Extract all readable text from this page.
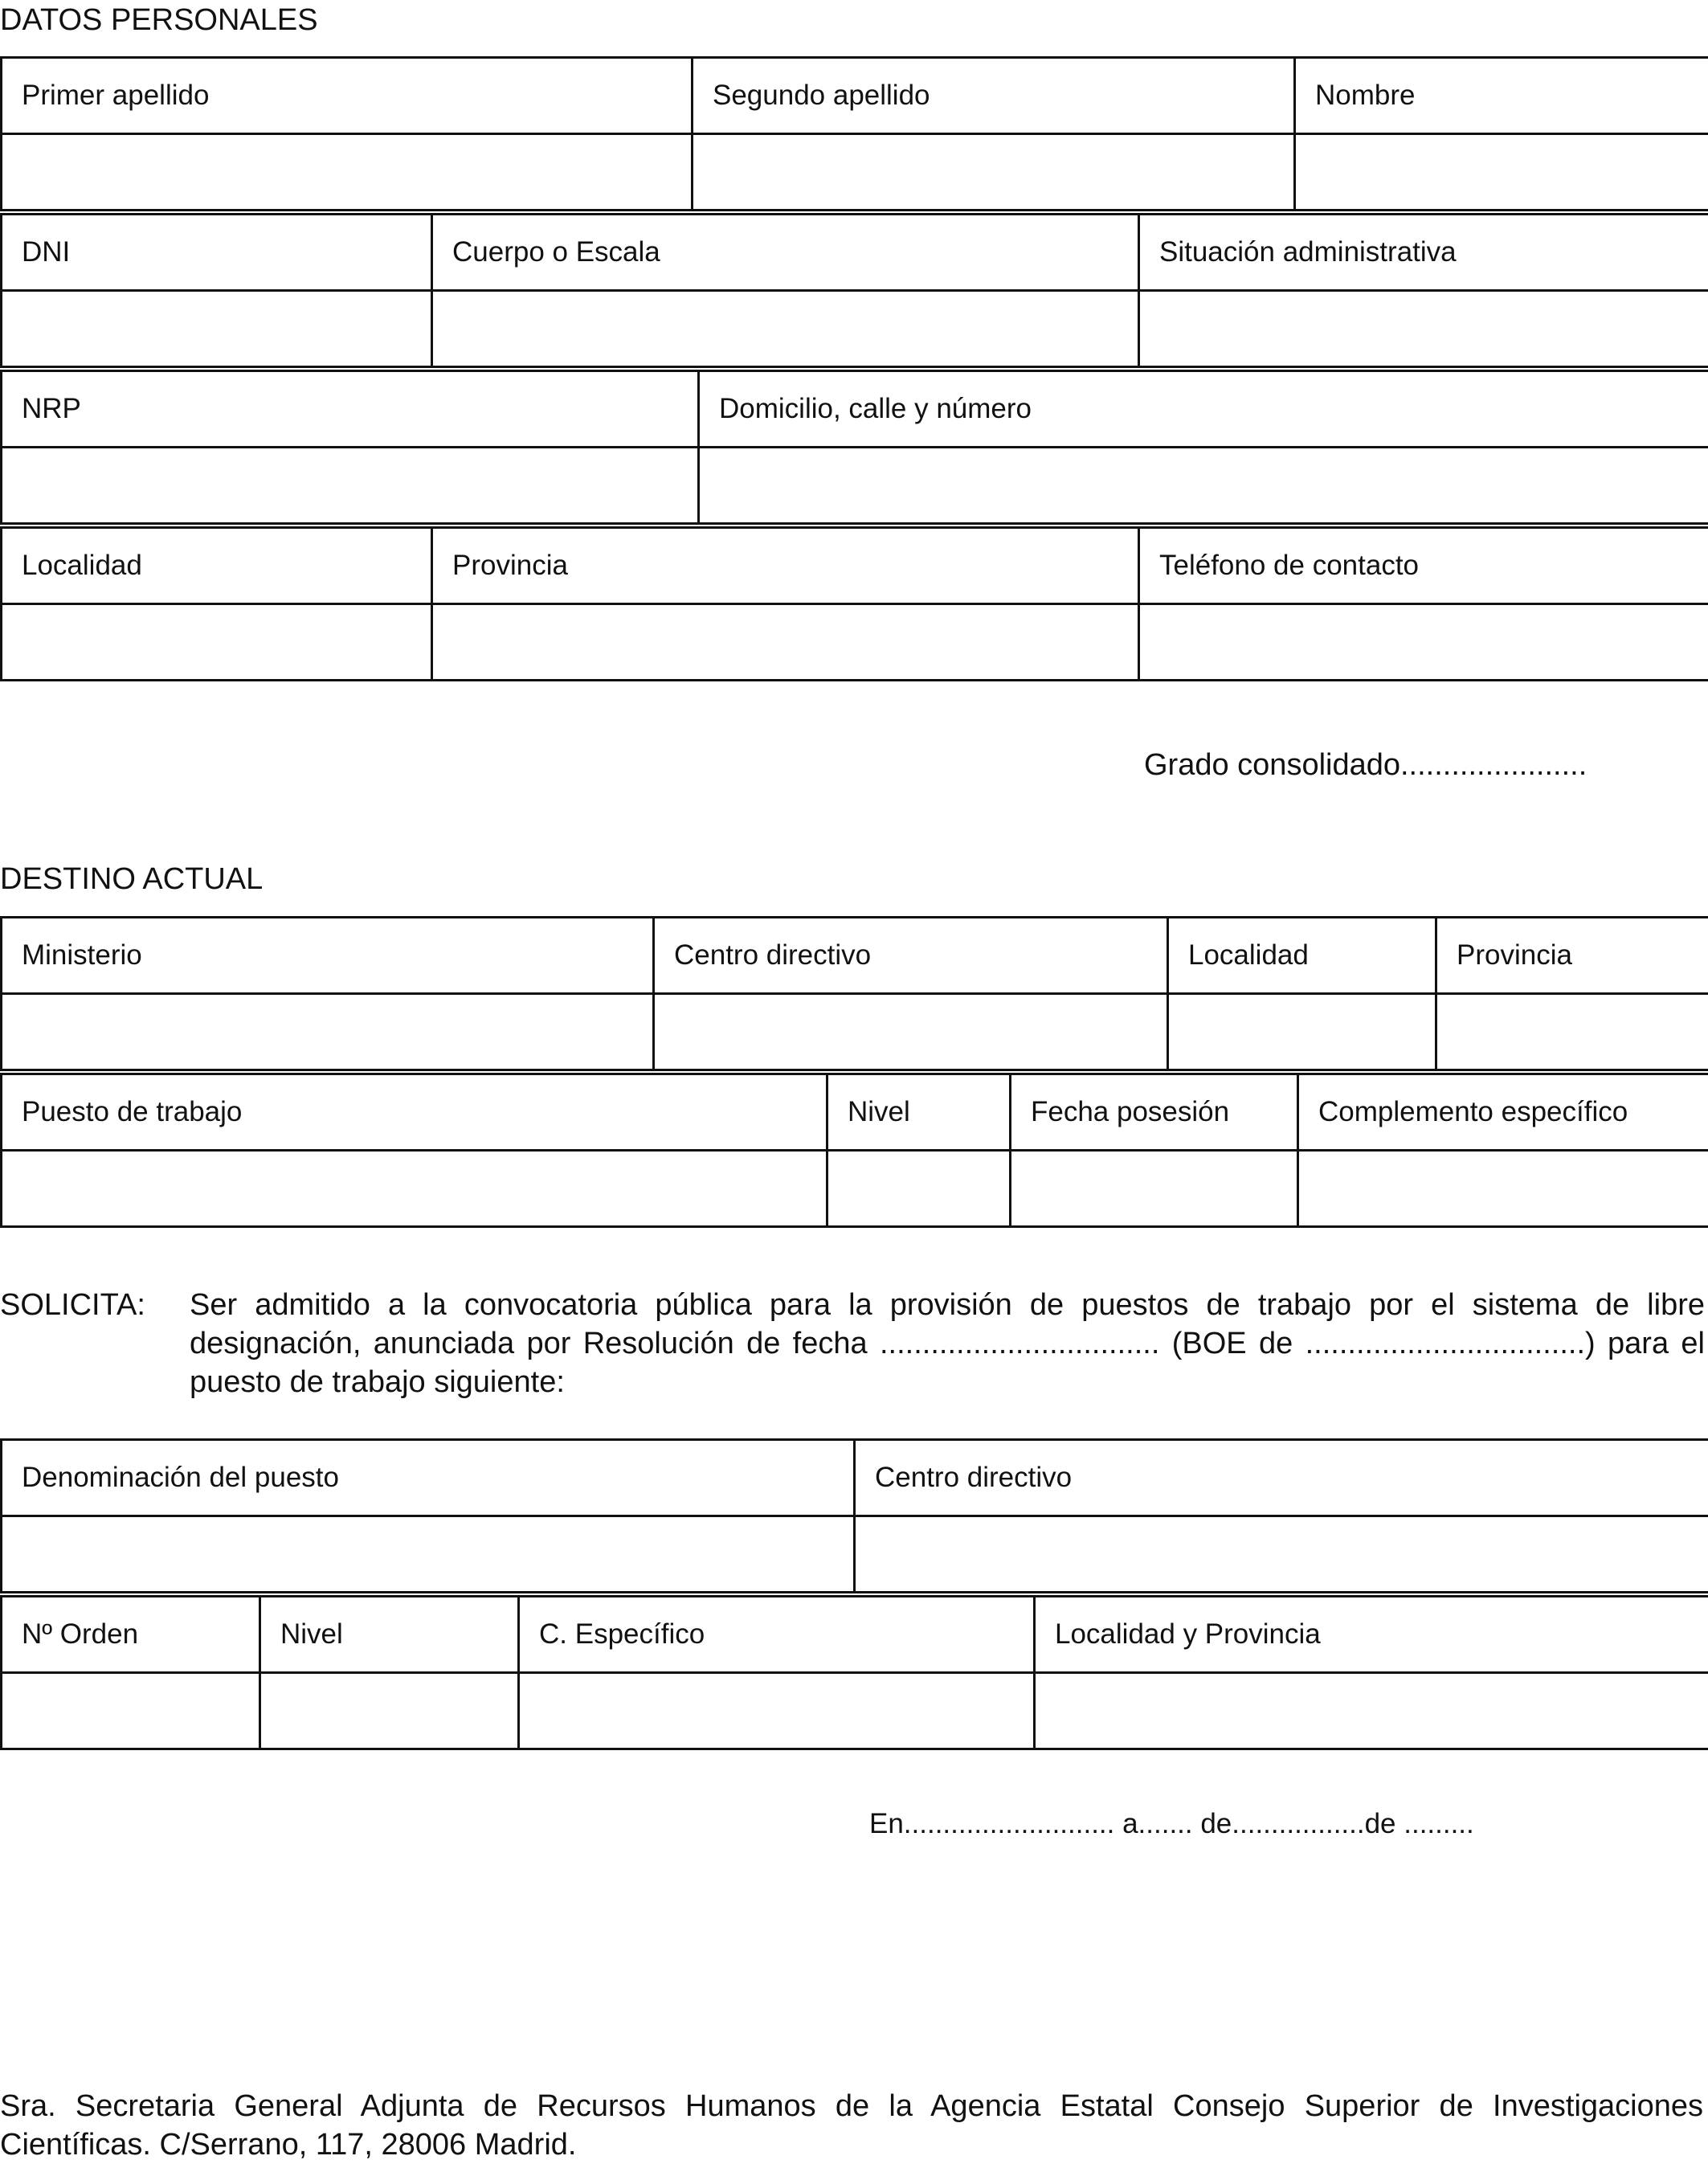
DATOS PERSONALES
Primer apellido	Segundo apellido	Nombre

DNI	Cuerpo o Escala	Situación administrativa

NRP	Domicilio, calle y número

Localidad	Provincia	Teléfono de contacto

Grado consolidado......................
DESTINO ACTUAL
Ministerio	Centro directivo	Localidad	Provincia

Puesto de trabajo	Nivel	Fecha posesión	Complemento específico

SOLICITA: Ser admitido a la convocatoria pública para la provisión de puestos de trabajo por el sistema de libre designación, anunciada por Resolución de fecha ................................. (BOE de .................................) para el puesto de trabajo siguiente:
Denominación del puesto	Centro directivo

Nº Orden	Nivel	C. Específico	Localidad y Provincia

En........................... a....... de.................de .........
Sra. Secretaria General Adjunta de Recursos Humanos de la Agencia Estatal Consejo Superior de Investigaciones Científicas. C/Serrano, 117, 28006 Madrid.
